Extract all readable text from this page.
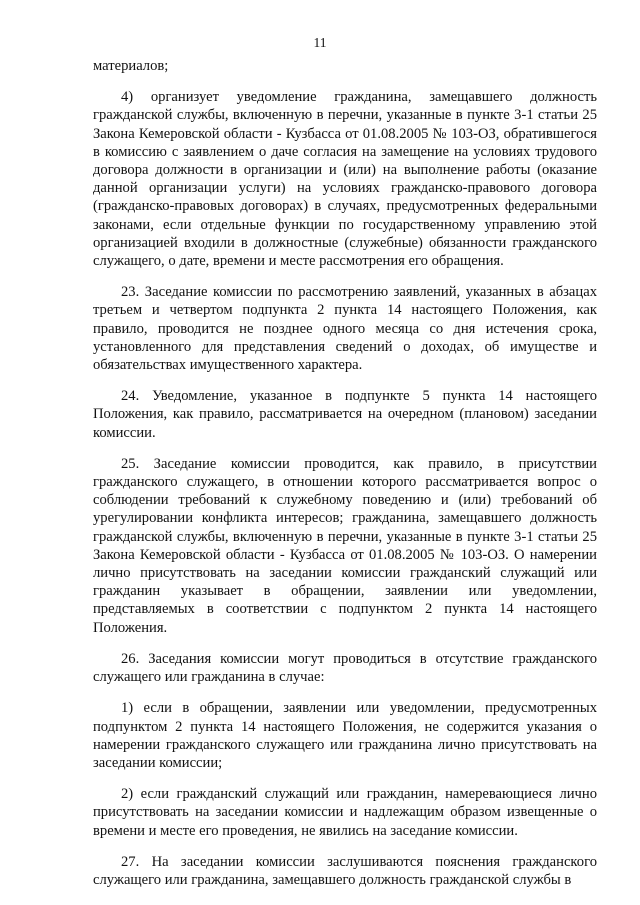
11

материалов;

4) организует уведомление гражданина, замещавшего должность гражданской службы, включенную в перечни, указанные в пункте 3-1 статьи 25 Закона Кемеровской области - Кузбасса от 01.08.2005 № 103-ОЗ, обратившегося в комиссию с заявлением о даче согласия на замещение на условиях трудового договора должности в организации и (или) на выполнение работы (оказание данной организации услуги) на условиях гражданско-правового договора (гражданско-правовых договорах) в случаях, предусмотренных федеральными законами, если отдельные функции по государственному управлению этой организацией входили в должностные (служебные) обязанности гражданского служащего, о дате, времени и месте рассмотрения его обращения.

23. Заседание комиссии по рассмотрению заявлений, указанных в абзацах третьем и четвертом подпункта 2 пункта 14 настоящего Положения, как правило, проводится не позднее одного месяца со дня истечения срока, установленного для представления сведений о доходах, об имуществе и обязательствах имущественного характера.

24. Уведомление, указанное в подпункте 5 пункта 14 настоящего Положения, как правило, рассматривается на очередном (плановом) заседании комиссии.

25. Заседание комиссии проводится, как правило, в присутствии гражданского служащего, в отношении которого рассматривается вопрос о соблюдении требований к служебному поведению и (или) требований об урегулировании конфликта интересов; гражданина, замещавшего должность гражданской службы, включенную в перечни, указанные в пункте 3-1 статьи 25 Закона Кемеровской области - Кузбасса от 01.08.2005 № 103-ОЗ. О намерении лично присутствовать на заседании комиссии гражданский служащий или гражданин указывает в обращении, заявлении или уведомлении, представляемых в соответствии с подпунктом 2 пункта 14 настоящего Положения.

26. Заседания комиссии могут проводиться в отсутствие гражданского служащего или гражданина в случае:

1) если в обращении, заявлении или уведомлении, предусмотренных подпунктом 2 пункта 14 настоящего Положения, не содержится указания о намерении гражданского служащего или гражданина лично присутствовать на заседании комиссии;

2) если гражданский служащий или гражданин, намеревающиеся лично присутствовать на заседании комиссии и надлежащим образом извещенные о времени и месте его проведения, не явились на заседание комиссии.

27. На заседании комиссии заслушиваются пояснения гражданского служащего или гражданина, замещавшего должность гражданской службы в
